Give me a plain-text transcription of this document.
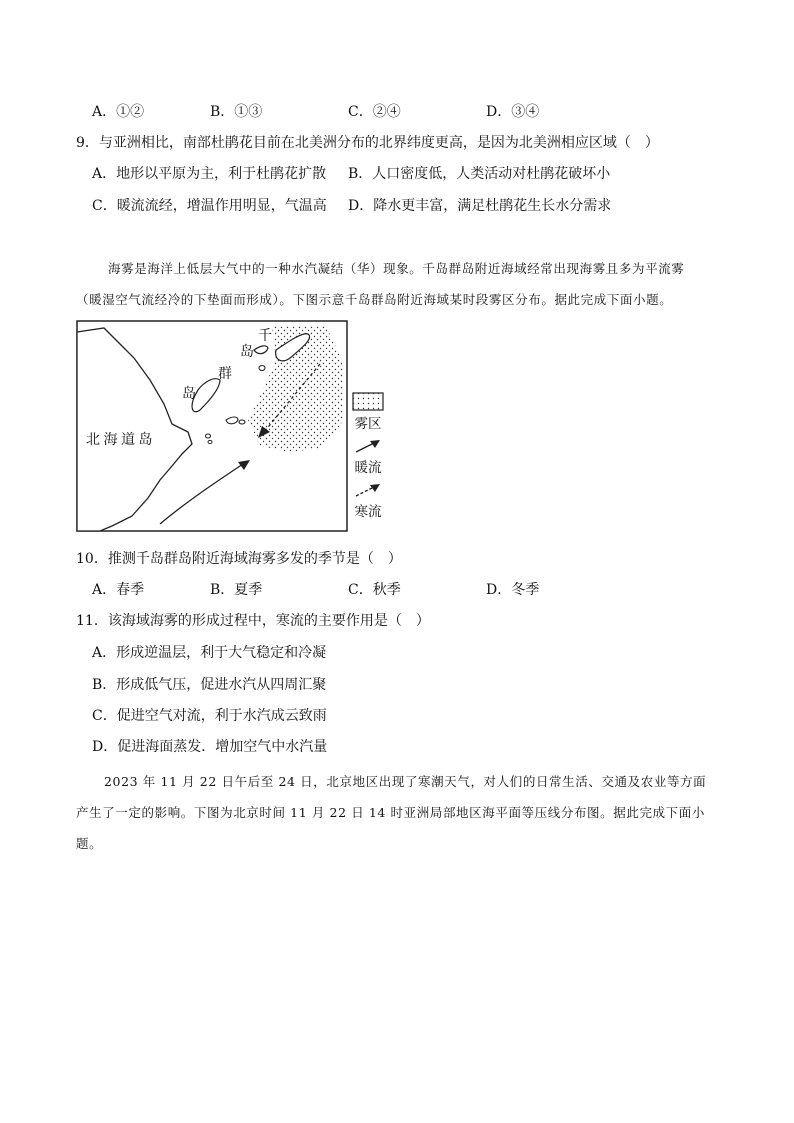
A．①②	B．①③	C．②④	D．③④
9．与亚洲相比，南部杜鹃花目前在北美洲分布的北界纬度更高，是因为北美洲相应区域（　）
A．地形以平原为主，利于杜鹃花扩散 B．人口密度低，人类活动对杜鹃花破坏小
C．暖流流经，增温作用明显，气温高 D．降水更丰富，满足杜鹃花生长水分需求
海雾是海洋上低层大气中的一种水汽凝结（华）现象。千岛群岛附近海域经常出现海雾且多为平流雾
（暖湿空气流经冷的下垫面而形成）。下图示意千岛群岛附近海域某时段雾区分布。据此完成下面小题。
北 海 道 岛
千
岛
群
岛
雾区
暖流
寒流
10．推测千岛群岛附近海域海雾多发的季节是（　）
A．春季	B．夏季	C．秋季	D．冬季
11．该海域海雾的形成过程中，寒流的主要作用是（　）
A．形成逆温层，利于大气稳定和冷凝
B．形成低气压，促进水汽从四周汇聚
C．促进空气对流，利于水汽成云致雨
D．促进海面蒸发．增加空气中水汽量
2023 年 11 月 22 日午后至 24 日，北京地区出现了寒潮天气，对人们的日常生活、交通及农业等方面
产生了一定的影响。下图为北京时间 11 月 22 日 14 时亚洲局部地区海平面等压线分布图。据此完成下面小
题。
